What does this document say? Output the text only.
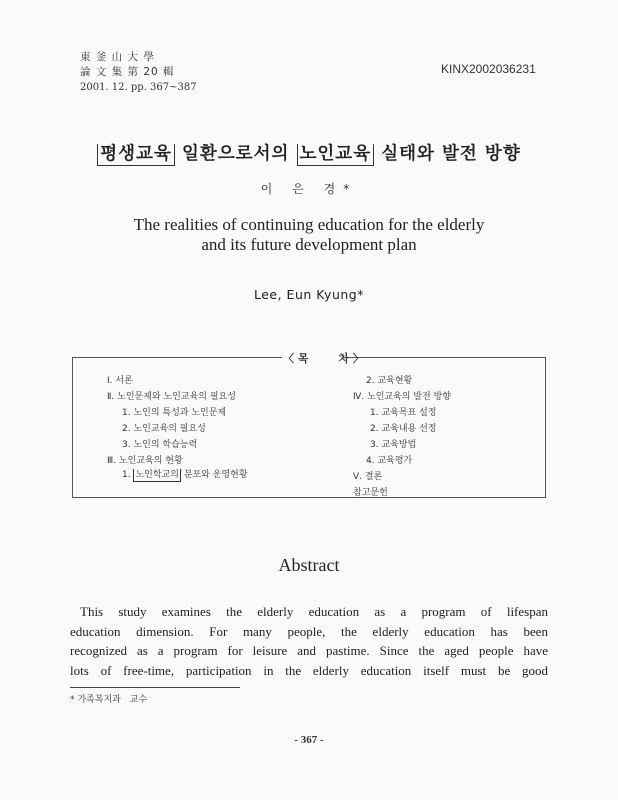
東 釜 山 大 學
論 文 集 第 20 輯
2001. 12. pp. 367~387
KINX2002036231
평생교육 일환으로서의 노인교육 실태와 발전 방향
이 은 경*
The realities of continuing education for the elderly
and its future development plan
Lee, Eun Kyung*
〈 목	차 〉
Ⅰ. 서론
Ⅱ. 노인문제와 노인교육의 필요성
1. 노인의 특성과 노인문제
2. 노인교육의 필요성
3. 노인의 학습능력
Ⅲ. 노인교육의 현황
1. 노인학교의 분포와 운영현황
2. 교육현황
Ⅳ. 노인교육의 발전 방향
1. 교육목표 설정
2. 교육내용 선정
3. 교육방법
4. 교육평가
Ⅴ. 결론
참고문헌
Abstract
This study examines the elderly education as a program of lifespan
education dimension. For many people, the elderly education has been
recognized as a program for leisure and pastime. Since the aged people have
lots of free-time, participation in the elderly education itself must be good
* 가족복지과　교수
- 367 -
